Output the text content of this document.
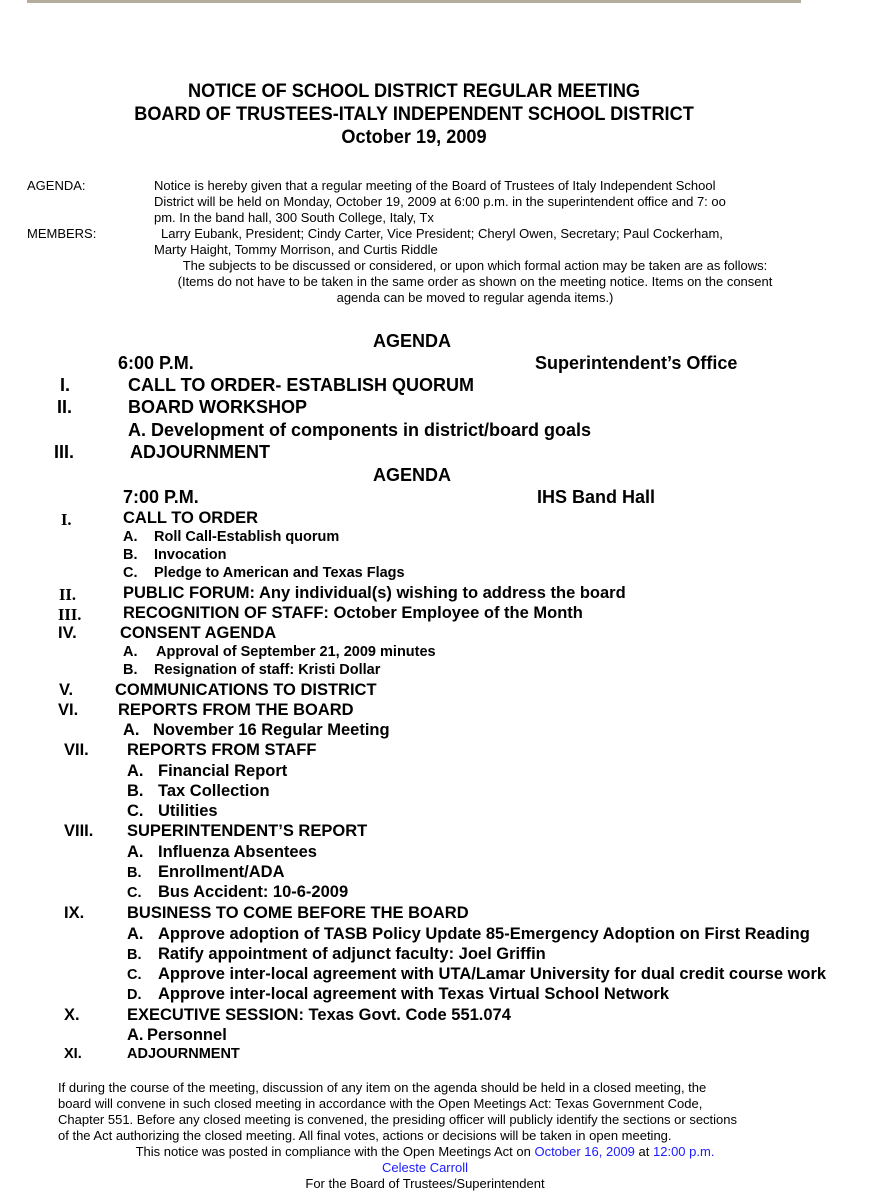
NOTICE OF SCHOOL DISTRICT REGULAR MEETING
BOARD OF TRUSTEES-ITALY INDEPENDENT SCHOOL DISTRICT
October 19, 2009
AGENDA:	Notice is hereby given that a regular meeting of the Board of Trustees of Italy Independent School
District will be held on Monday, October 19, 2009 at 6:00 p.m. in the superintendent office and 7: oo
pm. In the band hall, 300 South College, Italy, Tx
MEMBERS:	Larry Eubank, President; Cindy Carter, Vice President; Cheryl Owen, Secretary; Paul Cockerham,
Marty Haight, Tommy Morrison, and Curtis Riddle
The subjects to be discussed or considered, or upon which formal action may be taken are as follows:
(Items do not have to be taken in the same order as shown on the meeting notice. Items on the consent
agenda can be moved to regular agenda items.)
AGENDA
6:00 P.M.	Superintendent’s Office
I.	CALL TO ORDER- ESTABLISH QUORUM
II.	BOARD WORKSHOP
A. Development of components in district/board goals
III.	ADJOURNMENT
AGENDA
7:00 P.M.	IHS Band Hall
I.	CALL TO ORDER
A. Roll Call-Establish quorum
B. Invocation
C. Pledge to American and Texas Flags
II.	PUBLIC FORUM: Any individual(s) wishing to address the board
III.	RECOGNITION OF STAFF: October Employee of the Month
IV.	CONSENT AGENDA
A. Approval of September 21, 2009 minutes
B. Resignation of staff: Kristi Dollar
V.	COMMUNICATIONS TO DISTRICT
VI. REPORTS FROM THE BOARD
A. November 16 Regular Meeting
VII. REPORTS FROM STAFF
A. Financial Report
B. Tax Collection
C. Utilities
VIII. SUPERINTENDENT’S REPORT
A. Influenza Absentees
B. Enrollment/ADA
C. Bus Accident: 10-6-2009
IX.	BUSINESS TO COME BEFORE THE BOARD
A. Approve adoption of TASB Policy Update 85-Emergency Adoption on First Reading
B. Ratify appointment of adjunct faculty: Joel Griffin
C. Approve inter-local agreement with UTA/Lamar University for dual credit course work
D. Approve inter-local agreement with Texas Virtual School Network
X.	EXECUTIVE SESSION: Texas Govt. Code 551.074
A. Personnel
XI.	ADJOURNMENT
If during the course of the meeting, discussion of any item on the agenda should be held in a closed meeting, the
board will convene in such closed meeting in accordance with the Open Meetings Act: Texas Government Code,
Chapter 551. Before any closed meeting is convened, the presiding officer will publicly identify the sections or sections
of the Act authorizing the closed meeting. All final votes, actions or decisions will be taken in open meeting.
This notice was posted in compliance with the Open Meetings Act on October 16, 2009 at 12:00 p.m.
Celeste Carroll
For the Board of Trustees/Superintendent
